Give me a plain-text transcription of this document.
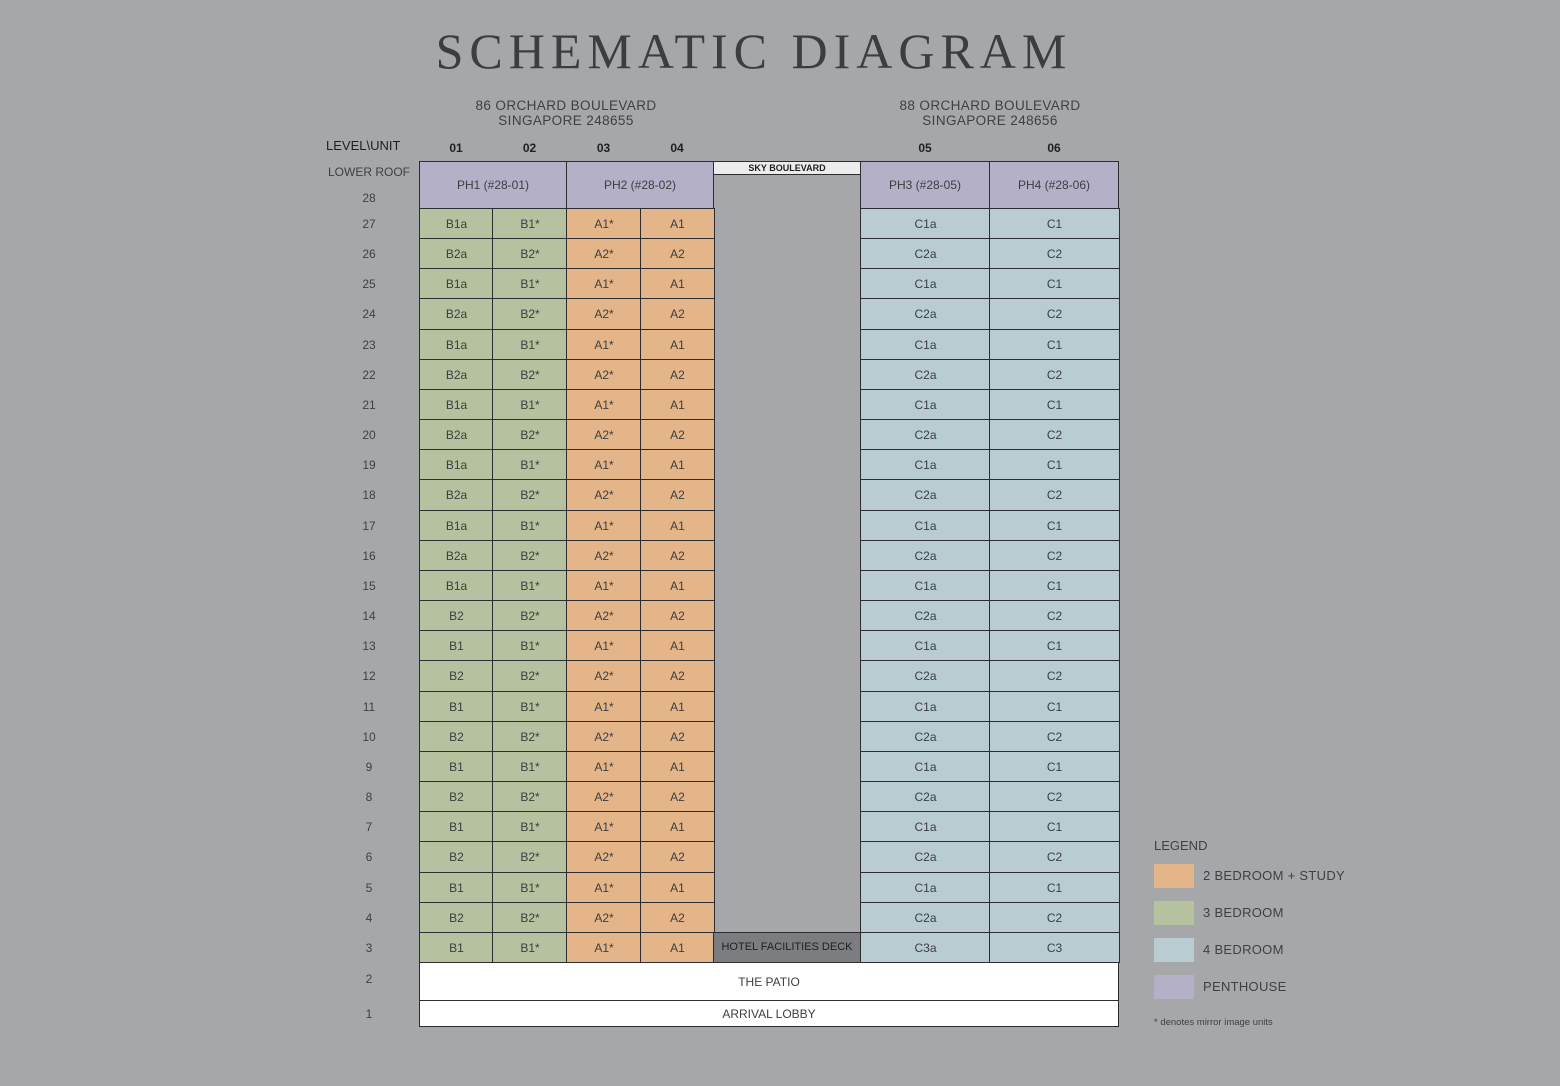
SCHEMATIC DIAGRAM
86 ORCHARD BOULEVARD
SINGAPORE 248655
88 ORCHARD BOULEVARD
SINGAPORE 248656
LEVEL\UNIT	01	02	03	04	05	06
LOWER ROOF
28
PH1 (#28-01)	PH2 (#28-02)	PH3 (#28-05)	PH4 (#28-06)
SKY BOULEVARD
27	B1a	B1*	A1*	A1	C1a	C1
26	B2a	B2*	A2*	A2	C2a	C2
25	B1a	B1*	A1*	A1	C1a	C1
24	B2a	B2*	A2*	A2	C2a	C2
23	B1a	B1*	A1*	A1	C1a	C1
22	B2a	B2*	A2*	A2	C2a	C2
21	B1a	B1*	A1*	A1	C1a	C1
20	B2a	B2*	A2*	A2	C2a	C2
19	B1a	B1*	A1*	A1	C1a	C1
18	B2a	B2*	A2*	A2	C2a	C2
17	B1a	B1*	A1*	A1	C1a	C1
16	B2a	B2*	A2*	A2	C2a	C2
15	B1a	B1*	A1*	A1	C1a	C1
14	B2	B2*	A2*	A2	C2a	C2
13	B1	B1*	A1*	A1	C1a	C1
12	B2	B2*	A2*	A2	C2a	C2
11	B1	B1*	A1*	A1	C1a	C1
10	B2	B2*	A2*	A2	C2a	C2
9	B1	B1*	A1*	A1	C1a	C1
8	B2	B2*	A2*	A2	C2a	C2
7	B1	B1*	A1*	A1	C1a	C1
6	B2	B2*	A2*	A2	C2a	C2
5	B1	B1*	A1*	A1	C1a	C1
4	B2	B2*	A2*	A2	C2a	C2
3	B1	B1*	A1*	A1	C3a	C3
HOTEL FACILITIES DECK
2	THE PATIO
1	ARRIVAL LOBBY
LEGEND
2 BEDROOM + STUDY
3 BEDROOM
4 BEDROOM
PENTHOUSE
* denotes mirror image units
